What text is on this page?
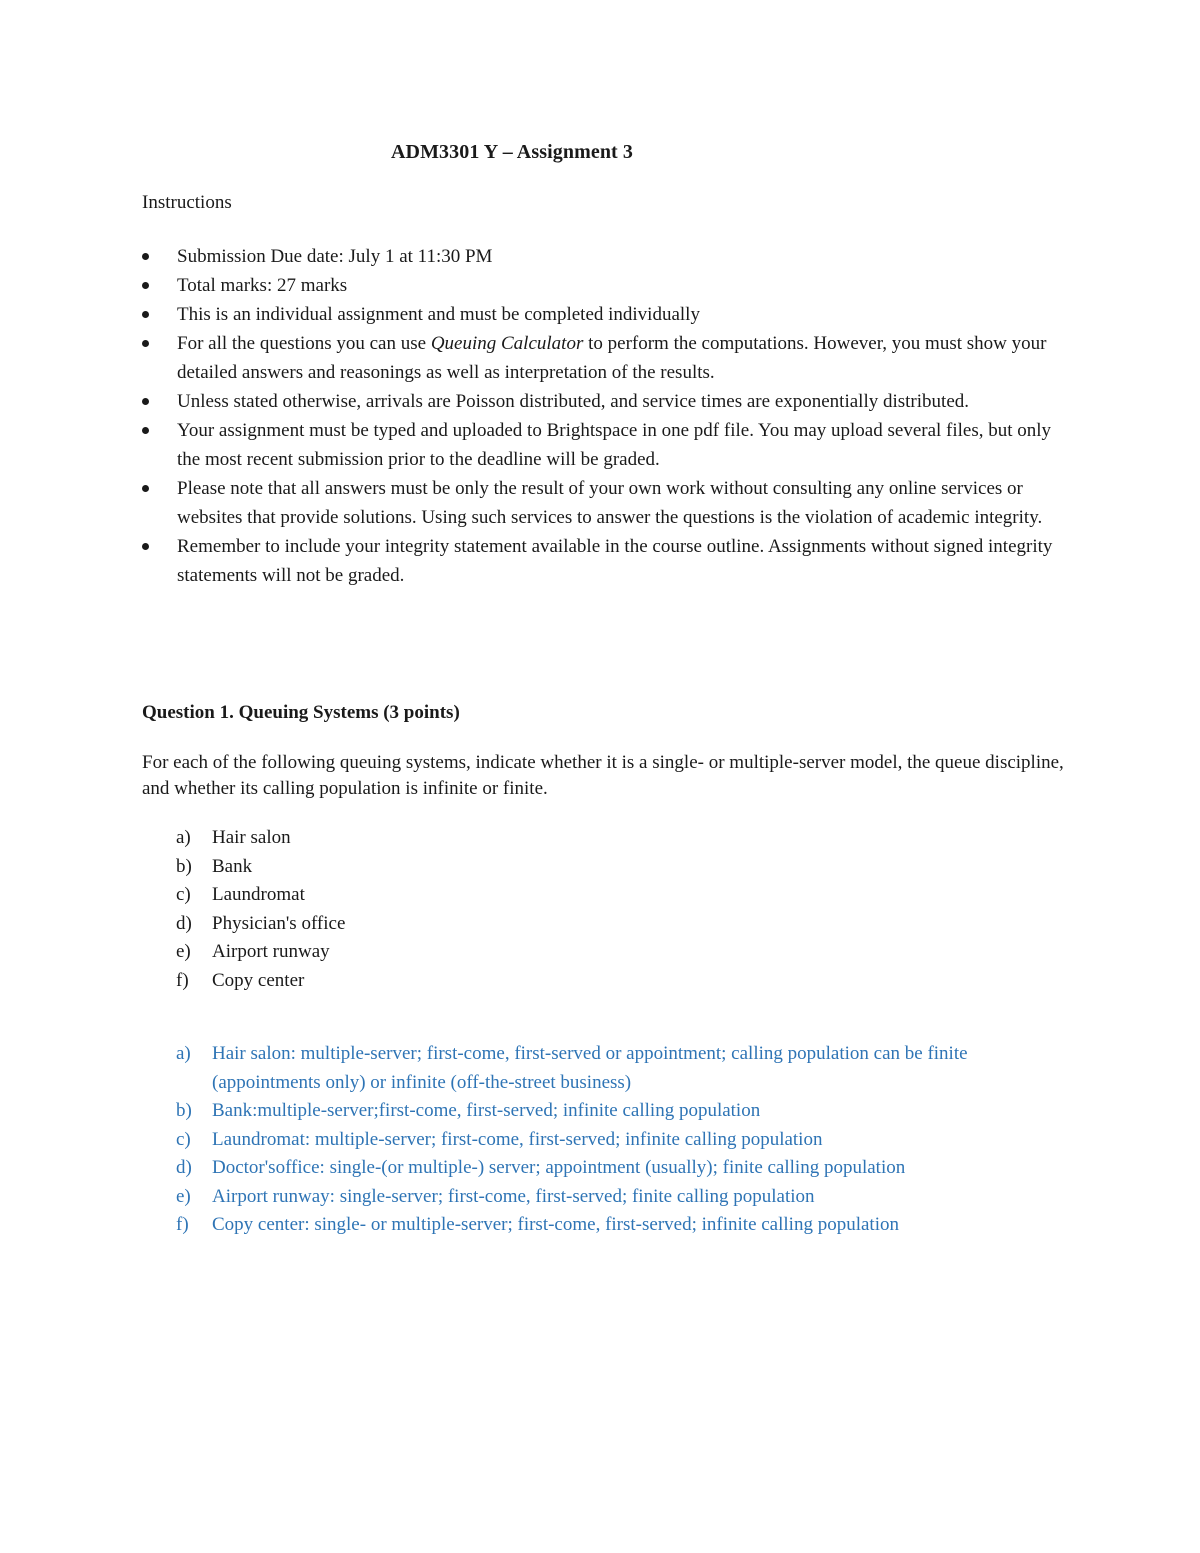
ADM3301 Y – Assignment 3
Instructions
Submission Due date: July 1 at 11:30 PM
Total marks: 27 marks
This is an individual assignment and must be completed individually
For all the questions you can use Queuing Calculator to perform the computations. However, you must show your detailed answers and reasonings as well as interpretation of the results.
Unless stated otherwise, arrivals are Poisson distributed, and service times are exponentially distributed.
Your assignment must be typed and uploaded to Brightspace in one pdf file. You may upload several files, but only the most recent submission prior to the deadline will be graded.
Please note that all answers must be only the result of your own work without consulting any online services or websites that provide solutions. Using such services to answer the questions is the violation of academic integrity.
Remember to include your integrity statement available in the course outline. Assignments without signed integrity statements will not be graded.
Question 1. Queuing Systems (3 points)
For each of the following queuing systems, indicate whether it is a single- or multiple-server model, the queue discipline, and whether its calling population is infinite or finite.
a) Hair salon
b) Bank
c) Laundromat
d) Physician's office
e) Airport runway
f) Copy center
a) Hair salon: multiple-server; first-come, first-served or appointment; calling population can be finite (appointments only) or infinite (off-the-street business)
b) Bank:multiple-server;first-come, first-served; infinite calling population
c) Laundromat: multiple-server; first-come, first-served; infinite calling population
d) Doctor'soffice: single-(or multiple-) server; appointment (usually); finite calling population
e) Airport runway: single-server; first-come, first-served; finite calling population
f) Copy center: single- or multiple-server; first-come, first-served; infinite calling population
